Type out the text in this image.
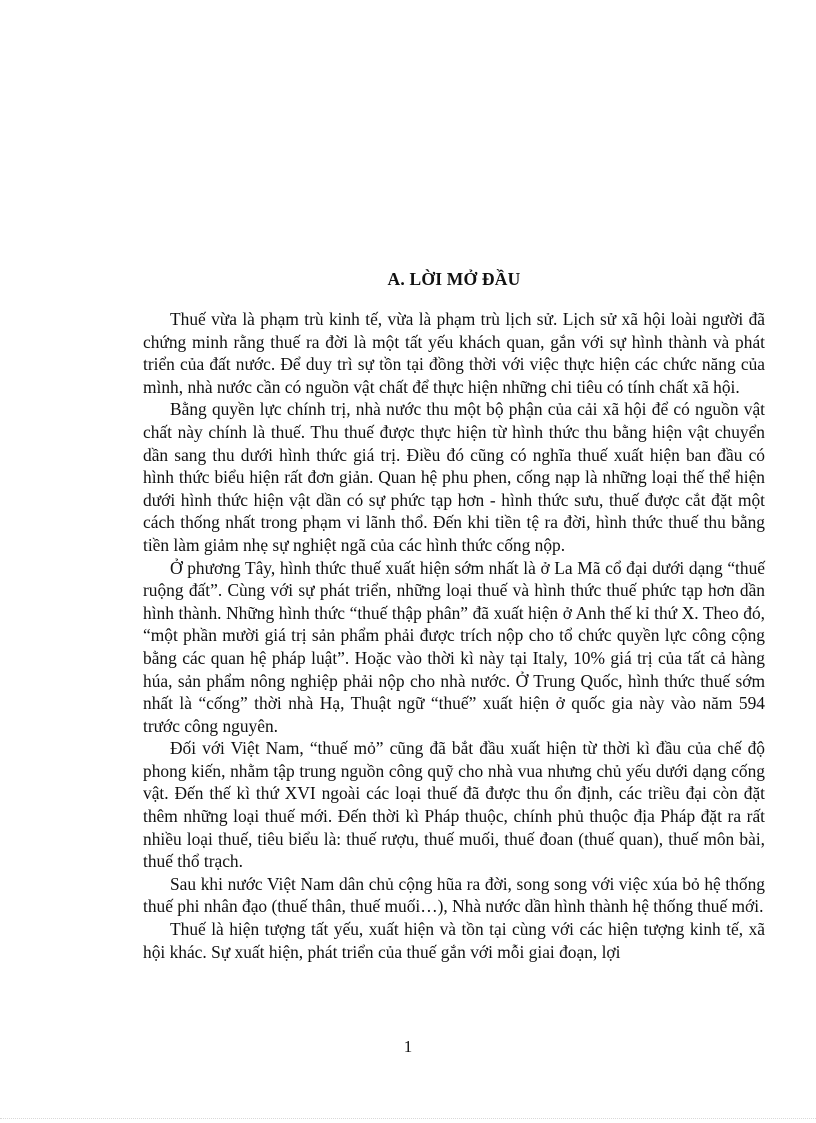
A. LỜI MỞ ĐẦU

Thuế vừa là phạm trù kinh tế, vừa là phạm trù lịch sử. Lịch sử xã hội loài người đã chứng minh rằng thuế ra đời là một tất yếu khách quan, gắn với sự hình thành và phát triển của đất nước. Để duy trì sự tồn tại đồng thời với việc thực hiện các chức năng của mình, nhà nước cần có nguồn vật chất để thực hiện những chi tiêu có tính chất xã hội.

Bằng quyền lực chính trị, nhà nước thu một bộ phận của cải xã hội để có nguồn vật chất này chính là thuế. Thu thuế được thực hiện từ hình thức thu bằng hiện vật chuyển dần sang thu dưới hình thức giá trị. Điều đó cũng có nghĩa thuế xuất hiện ban đầu có hình thức biểu hiện rất đơn giản. Quan hệ phu phen, cống nạp là những loại thế thể hiện dưới hình thức hiện vật dần có sự phức tạp hơn - hình thức sưu, thuế được cắt đặt một cách thống nhất trong phạm vi lãnh thổ. Đến khi tiền tệ ra đời, hình thức thuế thu bằng tiền làm giảm nhẹ sự nghiệt ngã của các hình thức cống nộp.

Ở phương Tây, hình thức thuế xuất hiện sớm nhất là ở La Mã cổ đại dưới dạng “thuế ruộng đất”. Cùng với sự phát triển, những loại thuế và hình thức thuế phức tạp hơn dần hình thành. Những hình thức “thuế thập phân” đã xuất hiện ở Anh thế kỉ thứ X. Theo đó, “một phần mười giá trị sản phẩm phải được trích nộp cho tổ chức quyền lực công cộng bằng các quan hệ pháp luật”. Hoặc vào thời kì này tại Italy, 10% giá trị của tất cả hàng húa, sản phẩm nông nghiệp phải nộp cho nhà nước. Ở Trung Quốc, hình thức thuế sớm nhất là “cống” thời nhà Hạ, Thuật ngữ “thuế” xuất hiện ở quốc gia này vào năm 594 trước công nguyên.

Đối với Việt Nam, “thuế mỏ” cũng đã bắt đầu xuất hiện từ thời kì đầu của chế độ phong kiến, nhằm tập trung nguồn công quỹ cho nhà vua nhưng chủ yếu dưới dạng cống vật. Đến thế kì thứ XVI ngoài các loại thuế đã được thu ổn định, các triều đại còn đặt thêm những loại thuế mới. Đến thời kì Pháp thuộc, chính phủ thuộc địa Pháp đặt ra rất nhiều loại thuế, tiêu biểu là: thuế rượu, thuế muối, thuế đoan (thuế quan), thuế môn bài, thuế thổ trạch.

Sau khi nước Việt Nam dân chủ cộng hũa ra đời, song song với việc xúa bỏ hệ thống thuế phi nhân đạo (thuế thân, thuế muối…), Nhà nước dần hình thành hệ thống thuế mới.

Thuế là hiện tượng tất yếu, xuất hiện và tồn tại cùng với các hiện tượng kinh tế, xã hội khác. Sự xuất hiện, phát triển của thuế gắn với mỗi giai đoạn, lợi

1
